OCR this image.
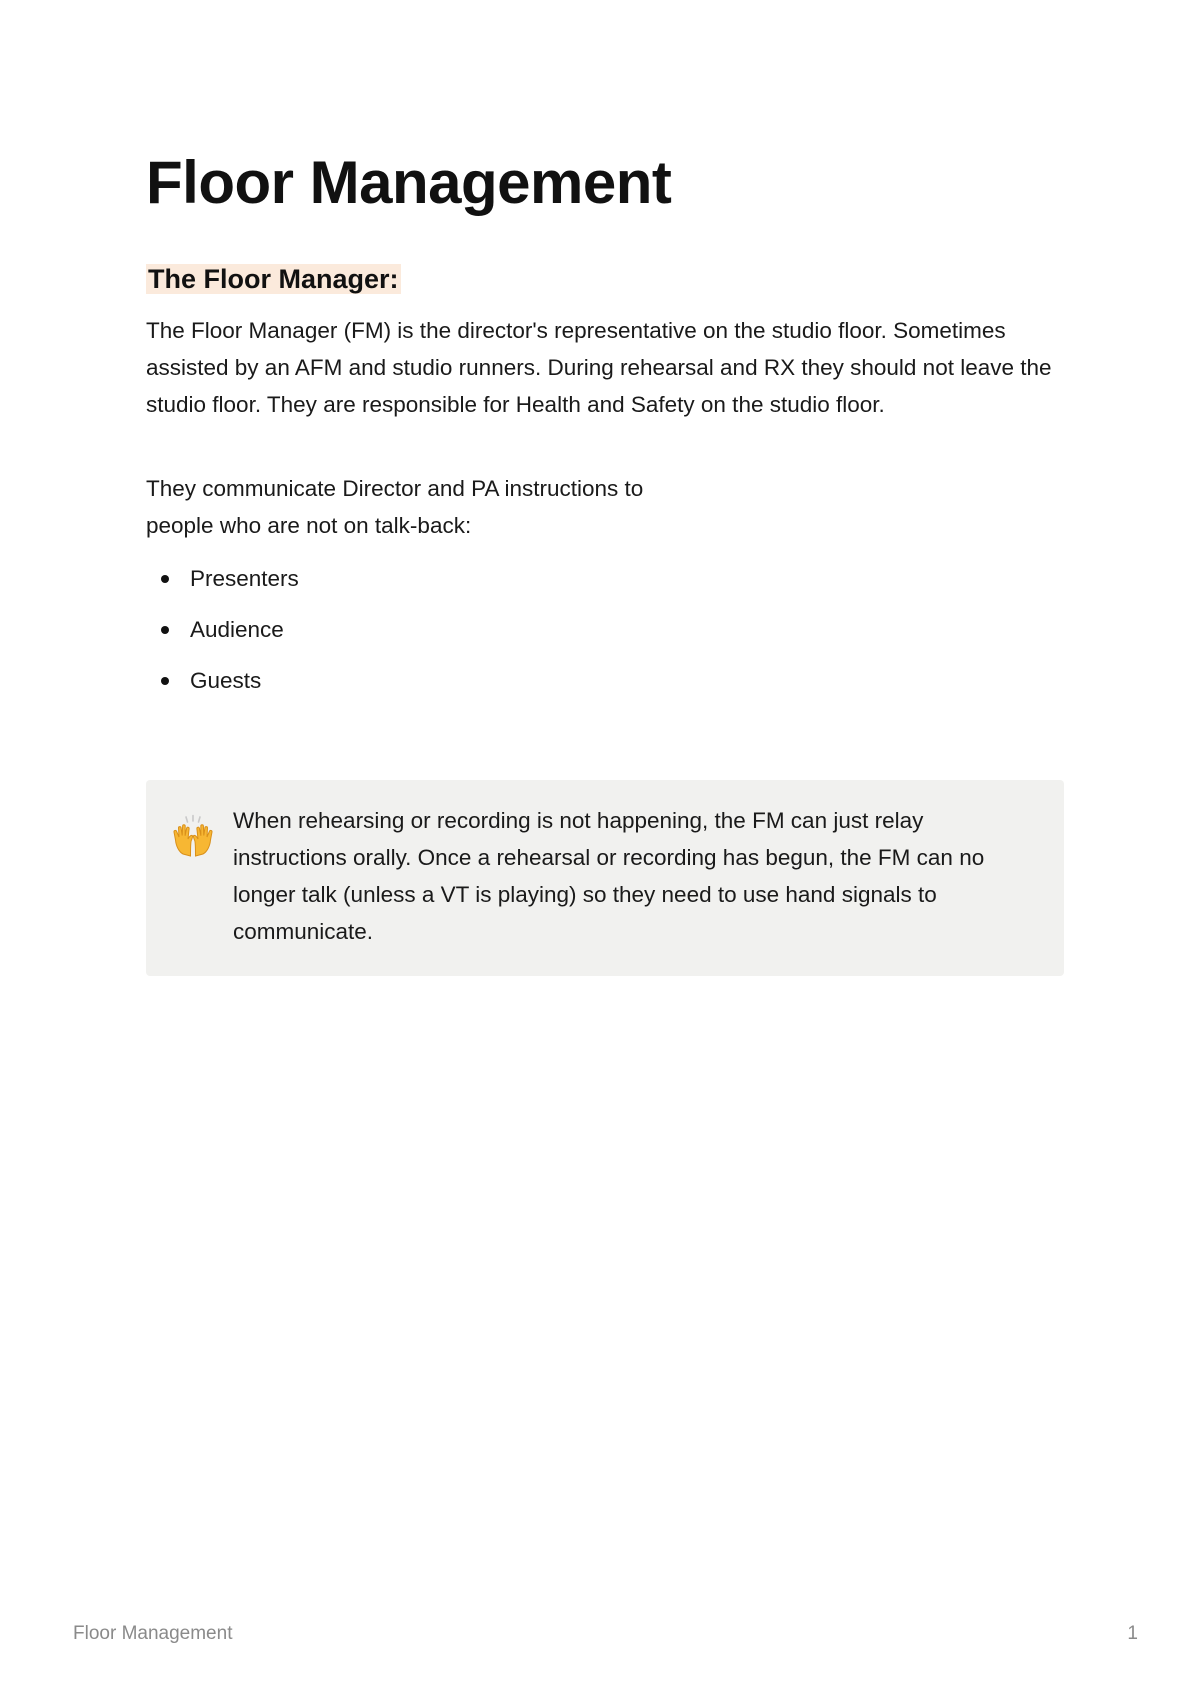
Floor Management
The Floor Manager:

The Floor Manager (FM) is the director's representative on the studio floor. Sometimes assisted by an AFM and studio runners. During rehearsal and RX they should not leave the studio floor. They are responsible for Health and Safety on the studio floor.

They communicate Director and PA instructions to
people who are not on talk-back:

Presenters
Audience
Guests

When rehearsing or recording is not happening, the FM can just relay instructions orally. Once a rehearsal or recording has begun, the FM can no longer talk (unless a VT is playing) so they need to use hand signals to communicate.

Floor Management	1
